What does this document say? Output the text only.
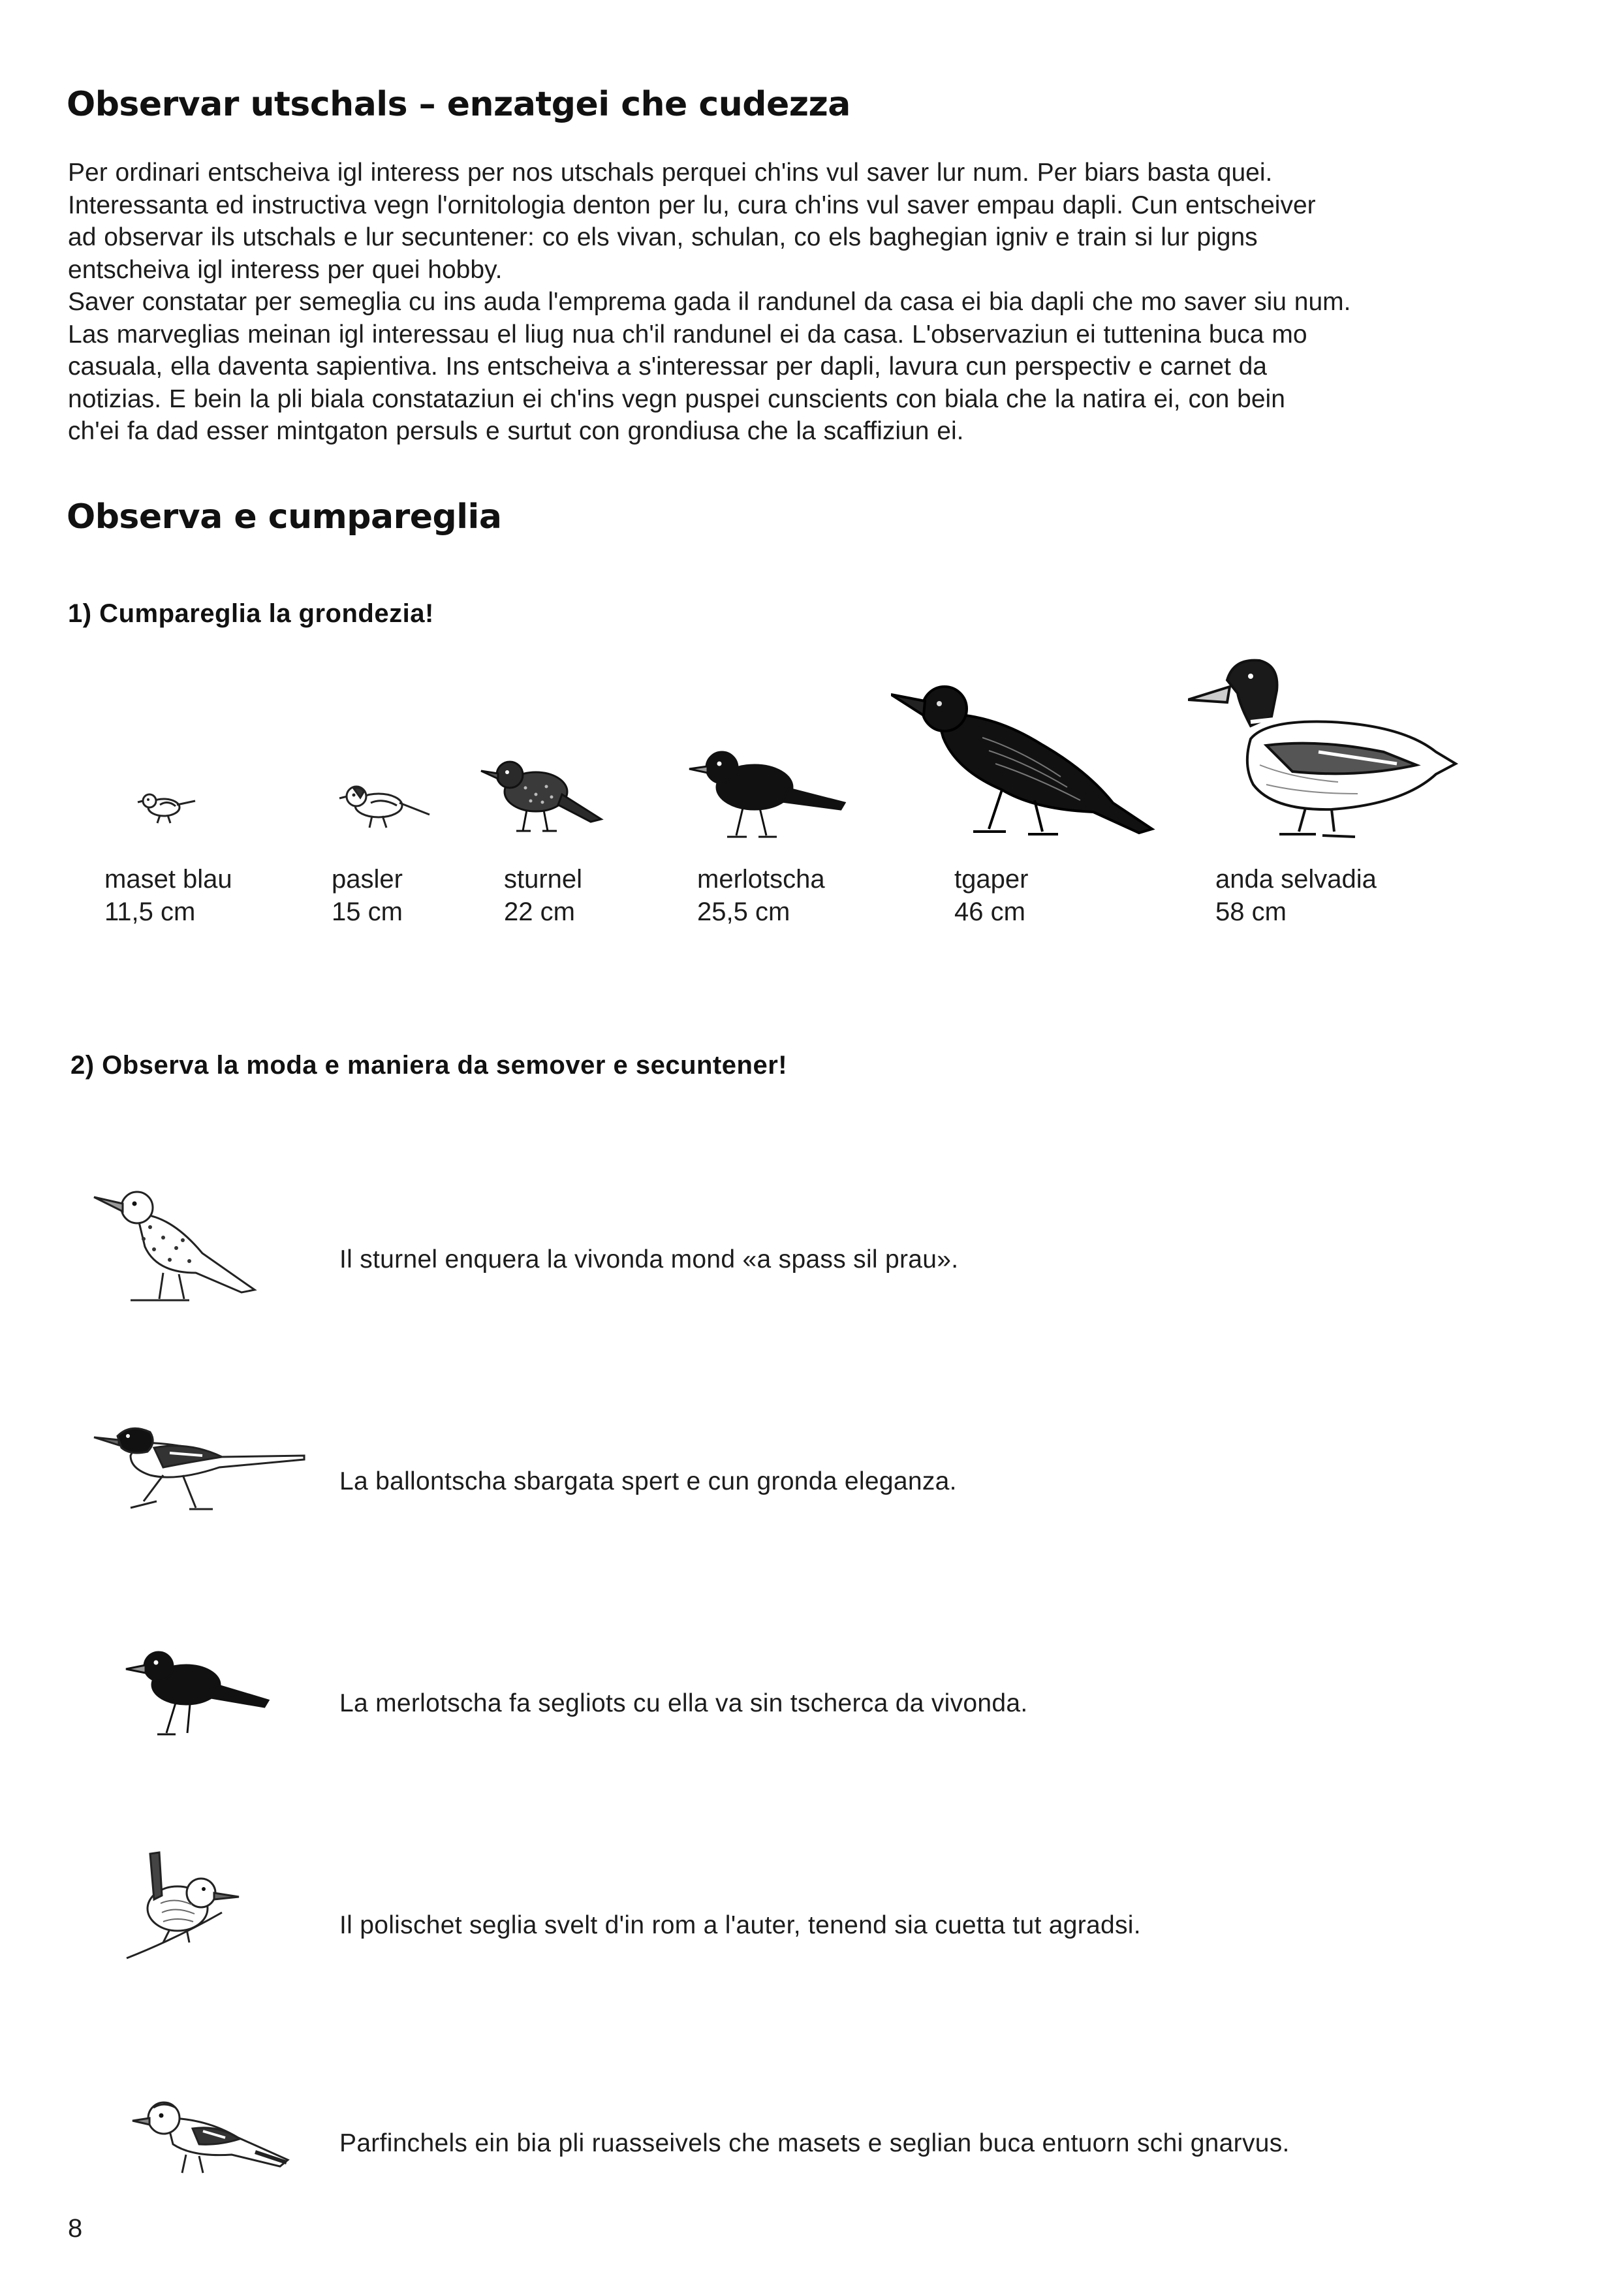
Observar utschals – enzatgei che cudezza

Per ordinari entscheiva igl interess per nos utschals perquei ch'ins vul saver lur num. Per biars basta quei.

Interessanta ed instructiva vegn l'ornitologia denton per lu, cura ch'ins vul saver empau dapli. Cun entscheiver

ad observar ils utschals e lur secuntener: co els vivan, schulan, co els baghegian igniv e train si lur pigns

entscheiva igl interess per quei hobby.

Saver constatar per semeglia cu ins auda l'emprema gada il randunel da casa ei bia dapli che mo saver siu num.

Las marveglias meinan igl interessau el liug nua ch'il randunel ei da casa. L'observaziun ei tuttenina buca mo

casuala, ella daventa sapientiva. Ins entscheiva a s'interessar per dapli, lavura cun perspectiv e carnet da

notizias. E bein la pli biala constataziun ei ch'ins vegn puspei cunscients con biala che la natira ei, con bein

ch'ei fa dad esser mintgaton persuls e surtut con grondiusa che la scaffiziun ei.

Observa e cumpareglia
1) Cumpareglia la grondezia!
maset blau
11,5 cm
pasler
15 cm
sturnel
22 cm
merlotscha
25,5 cm
tgaper
46 cm
anda selvadia
58 cm
2) Observa la moda e maniera da semover e secuntener!
Il sturnel enquera la vivonda mond «a spass sil prau».
La ballontscha sbargata spert e cun gronda eleganza.
La merlotscha fa segliots cu ella va sin tscherca da vivonda.
Il polischet seglia svelt d'in rom a l'auter, tenend sia cuetta tut agradsi.
Parfinchels ein bia pli ruasseivels che masets e seglian buca entuorn schi gnarvus.
8
